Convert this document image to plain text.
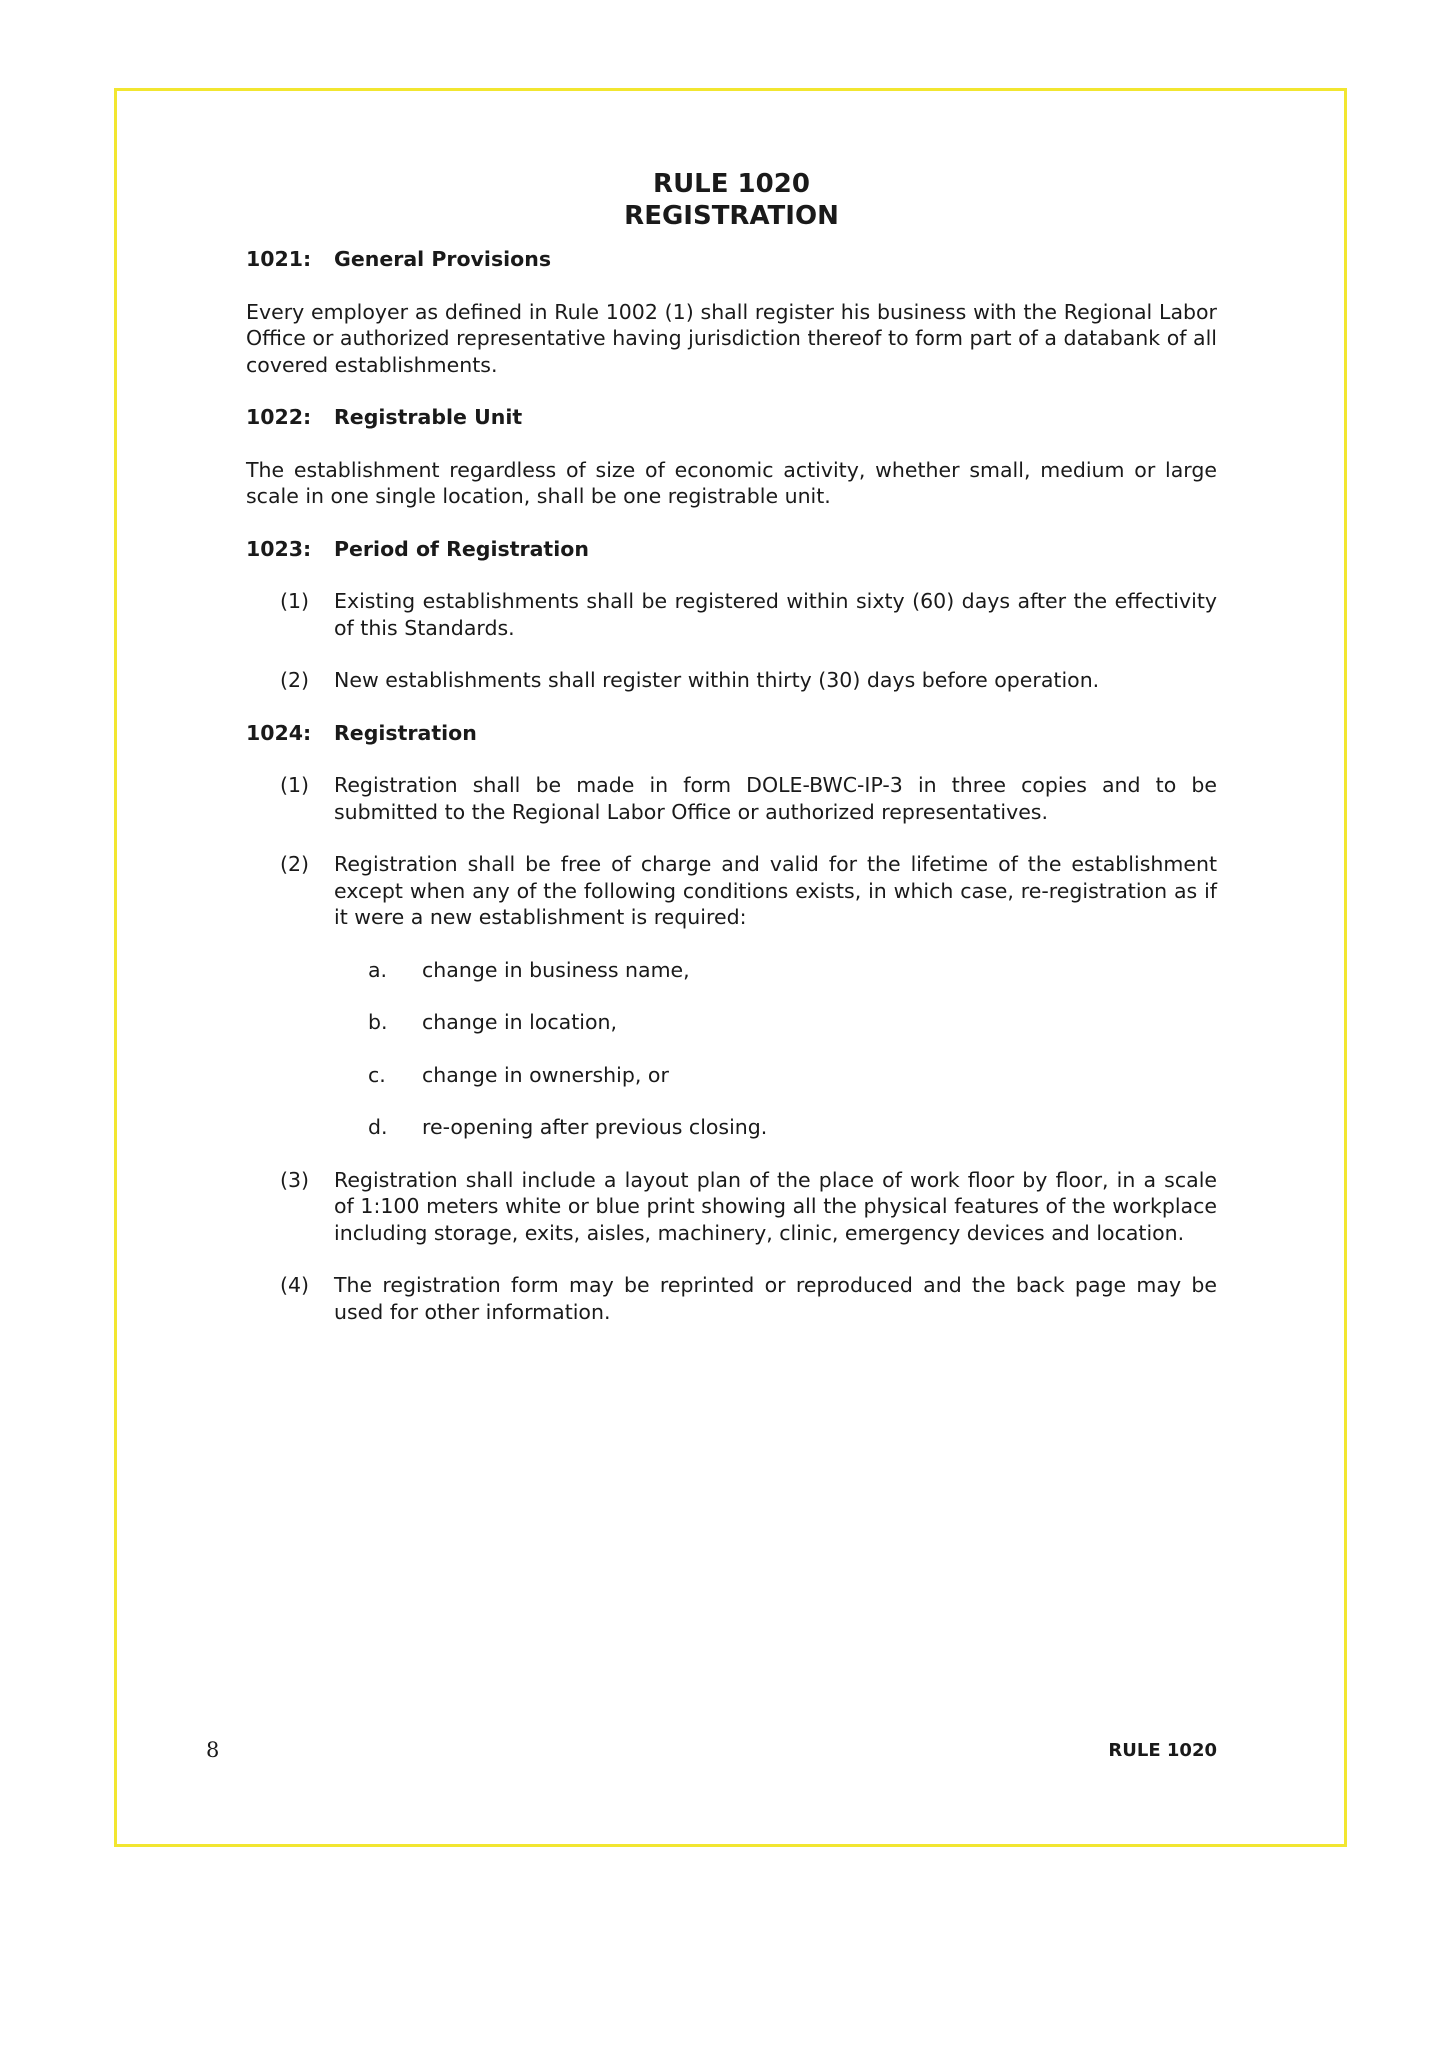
RULE 1020
REGISTRATION
1021:	General Provisions
Every employer as defined in Rule 1002 (1) shall register his business with the Regional Labor Office or authorized representative having jurisdiction thereof to form part of a databank of all covered establishments.
1022:	Registrable Unit
The establishment regardless of size of economic activity, whether small, medium or large scale in one single location, shall be one registrable unit.
1023:	Period of Registration
(1)	Existing establishments shall be registered within sixty (60) days after the effectivity of this Standards.
(2)	New establishments shall register within thirty (30) days before operation.
1024:	Registration
(1)	Registration shall be made in form DOLE-BWC-IP-3 in three copies and to be submitted to the Regional Labor Office or authorized representatives.
(2)	Registration shall be free of charge and valid for the lifetime of the establishment except when any of the following conditions exists, in which case, re-registration as if it were a new establishment is required:
a.	change in business name,
b.	change in location,
c.	change in ownership, or
d.	re-opening after previous closing.
(3)	Registration shall include a layout plan of the place of work floor by floor, in a scale of 1:100 meters white or blue print showing all the physical features of the workplace including storage, exits, aisles, machinery, clinic, emergency devices and location.
(4)	The registration form may be reprinted or reproduced and the back page may be used for other information.
8	RULE 1020
